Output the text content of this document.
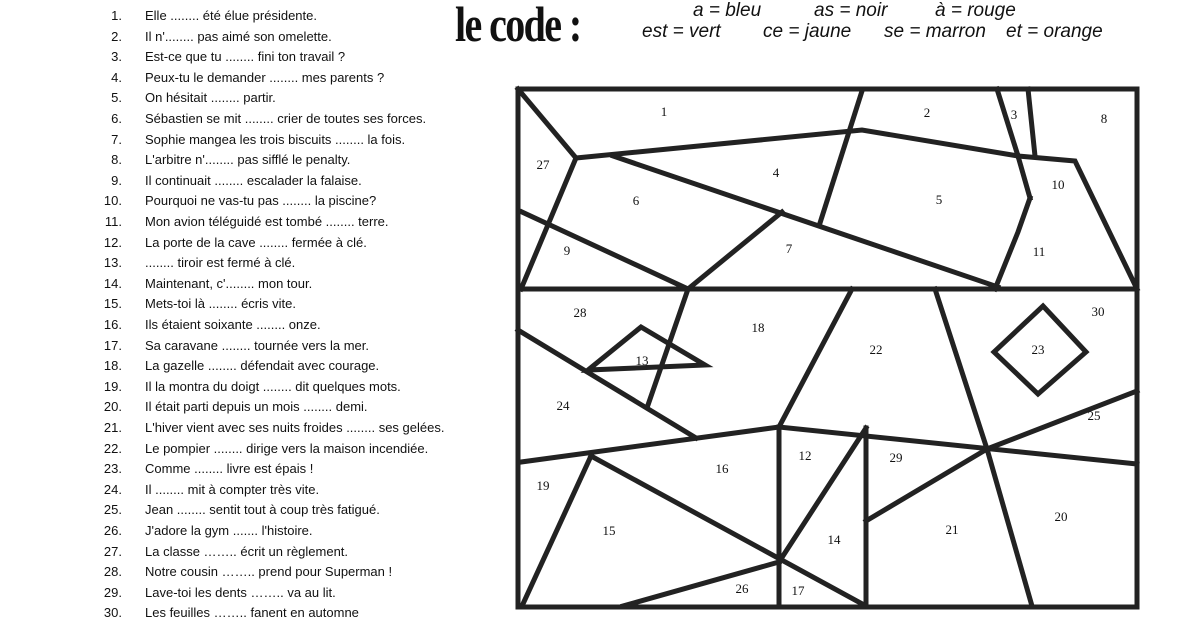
le code :	a = bleu	as = noir	à = rouge
est = vert ce = jaune se = marron et = orange
1. Elle ........ été élue présidente.
2. Il n'........ pas aimé son omelette.
3. Est-ce que tu ........ fini ton travail ?
4. Peux-tu le demander ........ mes parents ?
5. On hésitait ........ partir.
6. Sébastien se mit ........ crier de toutes ses forces.
7. Sophie mangea les trois biscuits ........ la fois.
8. L'arbitre n'........ pas sifflé le penalty.
9. Il continuait ........ escalader la falaise.
10. Pourquoi ne vas-tu pas ........ la piscine?
11. Mon avion téléguidé est tombé ........ terre.
12. La porte de la cave ........ fermée à clé.
13. ........ tiroir est fermé à clé.
14. Maintenant, c'........ mon tour.
15. Mets-toi là ........ écris vite.
16. Ils étaient soixante ........ onze.
17. Sa caravane ........ tournée vers la mer.
18. La gazelle ........ défendait avec courage.
19. Il la montra du doigt ........ dit quelques mots.
20. Il était parti depuis un mois ........ demi.
21. L'hiver vient avec ses nuits froides ........ ses gelées.
22. Le pompier ........ dirige vers la maison incendiée.
23. Comme ........ livre est épais !
24. Il ........ mit à compter très vite.
25. Jean ........ sentit tout à coup très fatigué.
26. J'adore la gym ....... l'histoire.
27. La classe …….. écrit un règlement.
28. Notre cousin …….. prend pour Superman !
29. Lave-toi les dents …….. va au lit.
30. Les feuilles …….. fanent en automne
1	2	3
4
5
6
7
8
9
10
11
12
13
14
15
16
17
18
19
20
21
22	23
24
25
26
27
28
29
30
